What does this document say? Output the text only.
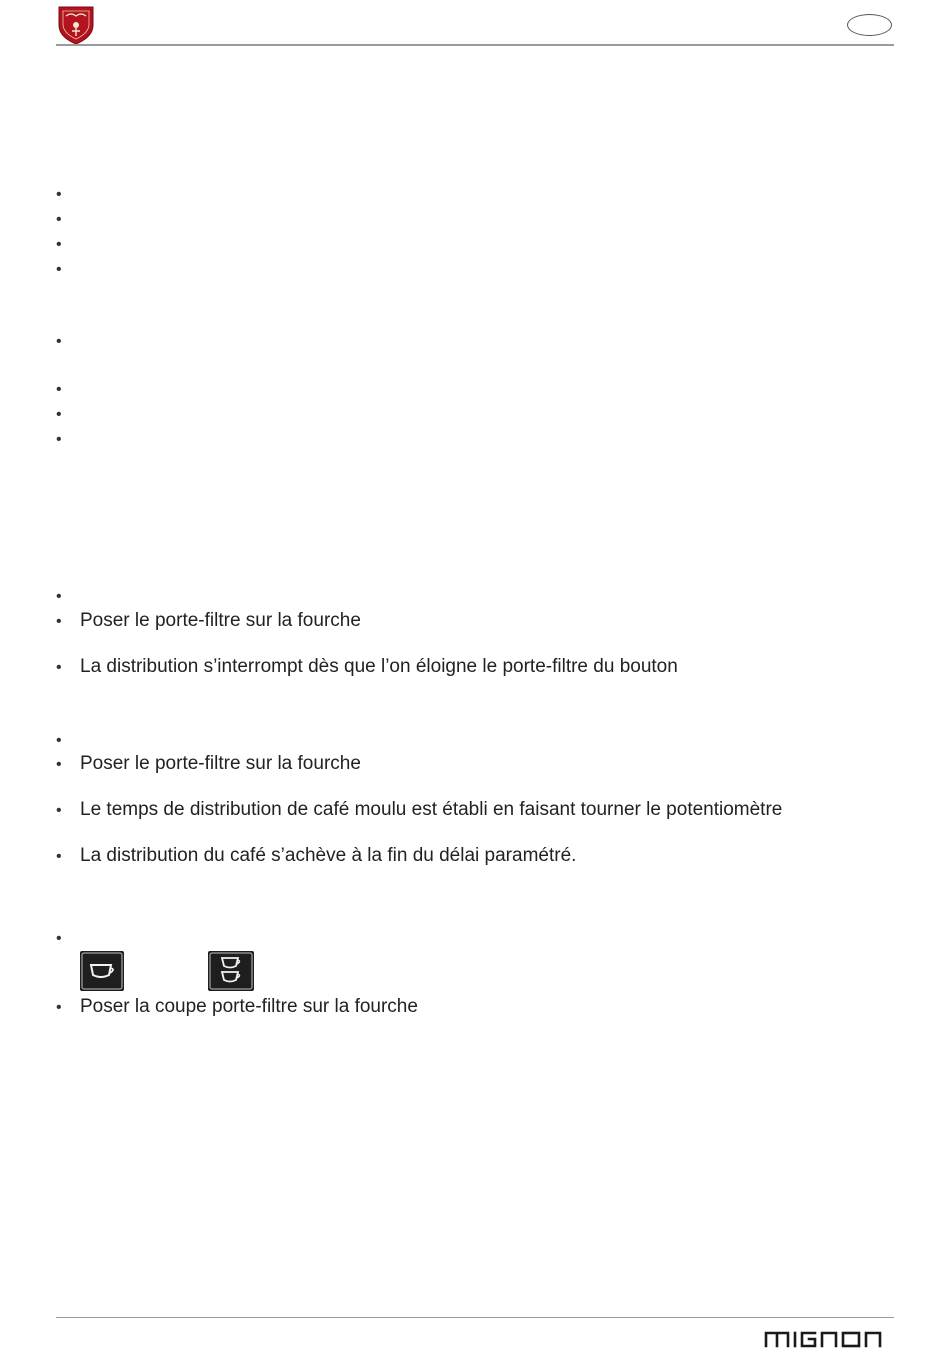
•
•
•
•
•
•
•
•
•
• Poser le porte-filtre sur la fourche
• La distribution s’interrompt dès que l’on éloigne le porte-filtre du bouton
•
• Poser le porte-filtre sur la fourche
• Le temps de distribution de café moulu est établi en faisant tourner le potentiomètre
• La distribution du café s’achève à la fin du délai paramétré.
•
• Poser la coupe porte-filtre sur la fourche
